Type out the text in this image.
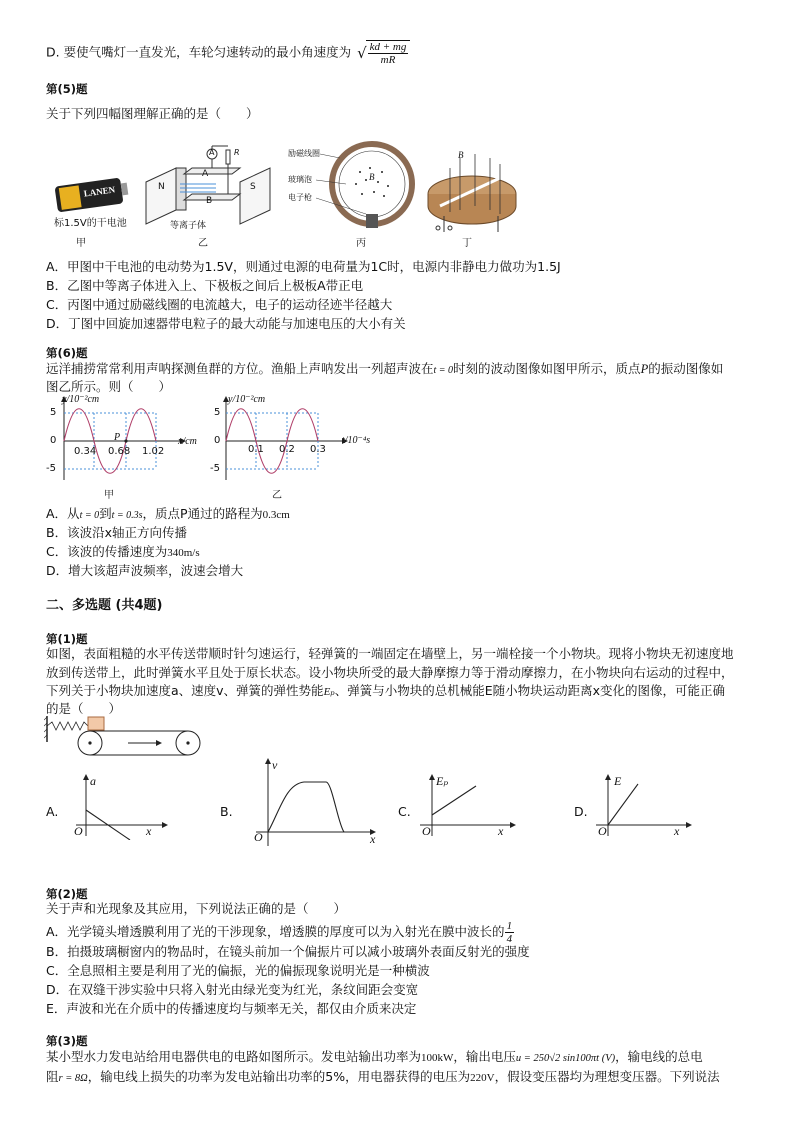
D. 要使气嘴灯一直发光，车轮匀速转动的最小角速度为 √ $\frac{kd + mg}{mR}$
第(5)题
关于下列四幅图理解正确的是（　　）
LANEN
标1.5V的干电池
甲
A R
N
A
B
S
等离子体
乙
励磁线圈
玻璃泡
电子枪
B
丙
B
丁
A．甲图中干电池的电动势为1.5V，则通过电源的电荷量为1C时，电源内非静电力做功为1.5J
B．乙图中等离子体进入上、下极板之间后上极板A带正电
C．丙图中通过励磁线圈的电流越大，电子的运动径迹半径越大
D．丁图中回旋加速器带电粒子的最大动能与加速电压的大小有关
第(6)题
远洋捕捞常常利用声呐探测鱼群的方位。渔船上声呐发出一列超声波在t = 0时刻的波动图像如图甲所示，质点P的振动图像如
图乙所示。则（　　）
y/10⁻²cm
x/cm
P
5
0
-5
0.34 0.68 1.02
甲
y/10⁻²cm
t/10⁻⁴s
5
0
-5
0.1 0.2 0.3
乙
A．从t = 0到t = 0.3s，质点P通过的路程为0.3cm
B．该波沿x轴正方向传播
C．该波的传播速度为340m/s
D．增大该超声波频率，波速会增大
二、多选题 (共4题)
第(1)题
如图，表面粗糙的水平传送带顺时针匀速运行，轻弹簧的一端固定在墙壁上，另一端栓接一个小物块。现将小物块无初速度地
放到传送带上，此时弹簧水平且处于原长状态。设小物块所受的最大静摩擦力等于滑动摩擦力，在小物块向右运动的过程中，
下列关于小物块加速度a、速度v、弹簧的弹性势能Eₚ、弹簧与小物块的总机械能E随小物块运动距离x变化的图像，可能正确
的是（　　）
A.
a
x
O
B.
v
x
O
C.
Eₚ
x
O
D.
E
x
O
第(2)题
关于声和光现象及其应用，下列说法正确的是（　　）
A．光学镜头增透膜利用了光的干涉现象，增透膜的厚度可以为入射光在膜中波长的 $\frac{1}{4}$
B．拍摄玻璃橱窗内的物品时，在镜头前加一个偏振片可以减小玻璃外表面反射光的强度
C．全息照相主要是利用了光的偏振，光的偏振现象说明光是一种横波
D．在双缝干涉实验中只将入射光由绿光变为红光，条纹间距会变宽
E．声波和光在介质中的传播速度均与频率无关，都仅由介质来决定
第(3)题
某小型水力发电站给用电器供电的电路如图所示。发电站输出功率为100kW，输出电压u = 250√2 sin100πt (V)，输电线的总电
阻r = 8Ω，输电线上损失的功率为发电站输出功率的5%，用电器获得的电压为220V，假设变压器均为理想变压器。下列说法
